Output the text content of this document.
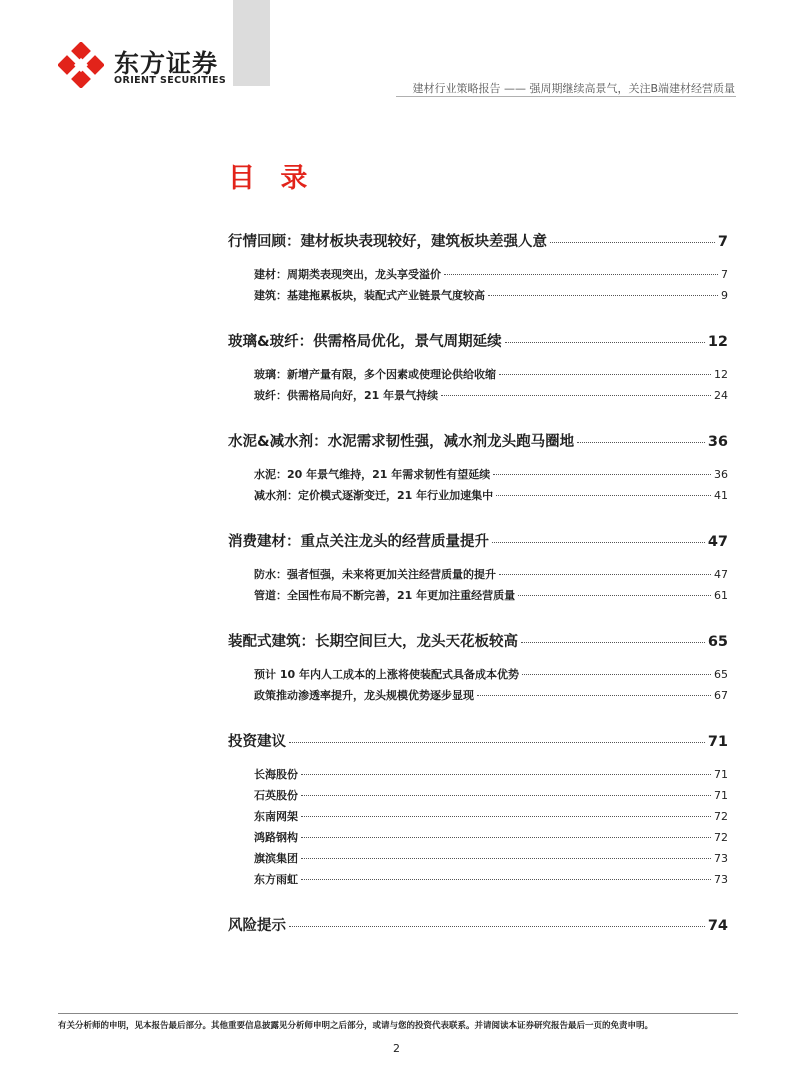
东方证券
ORIENT SECURITIES
建材行业策略报告 —— 强周期继续高景气，关注B端建材经营质量
目 录
行情回顾：建材板块表现较好，建筑板块差强人意	7
建材：周期类表现突出，龙头享受溢价	7
建筑：基建拖累板块，装配式产业链景气度较高	9
玻璃&玻纤：供需格局优化，景气周期延续	12
玻璃：新增产量有限，多个因素或使理论供给收缩	12
玻纤：供需格局向好，21 年景气持续	24
水泥&减水剂：水泥需求韧性强，减水剂龙头跑马圈地	36
水泥：20 年景气维持，21 年需求韧性有望延续	36
减水剂：定价模式逐渐变迁，21 年行业加速集中	41
消费建材：重点关注龙头的经营质量提升	47
防水：强者恒强，未来将更加关注经营质量的提升	47
管道：全国性布局不断完善，21 年更加注重经营质量	61
装配式建筑：长期空间巨大，龙头天花板较高	65
预计 10 年内人工成本的上涨将使装配式具备成本优势	65
政策推动渗透率提升，龙头规模优势逐步显现	67
投资建议	71
长海股份	71
石英股份	71
东南网架	72
鸿路钢构	72
旗滨集团	73
东方雨虹	73
风险提示	74
有关分析师的申明，见本报告最后部分。其他重要信息披露见分析师申明之后部分，或请与您的投资代表联系。并请阅读本证券研究报告最后一页的免责申明。
2
